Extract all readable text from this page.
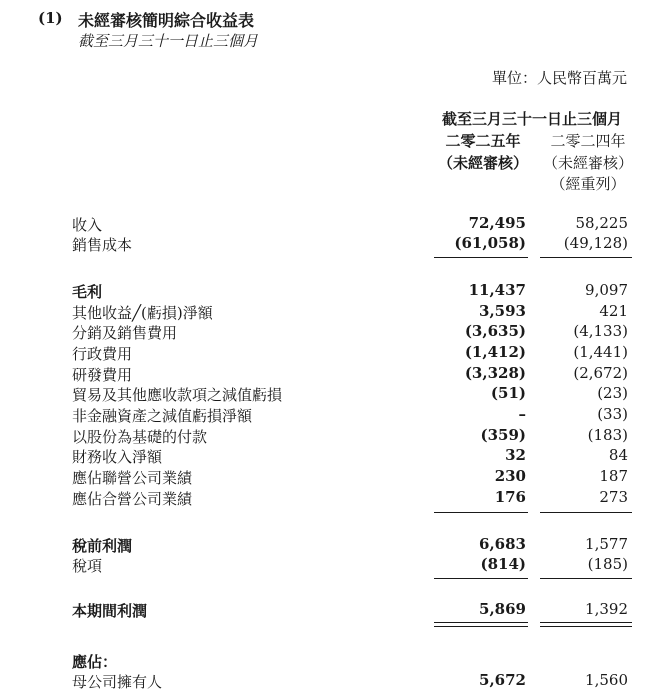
(1) 未經審核簡明綜合收益表
截至三月三十一日止三個月
單位：人民幣百萬元
截至三月三十一日止三個月
二零二五年
（未經審核）
二零二四年
（未經審核）
（經重列）
收入	72,495	58,225
銷售成本	(61,058)	(49,128)
毛利	11,437	9,097
其他收益╱(虧損)淨額	3,593	421
分銷及銷售費用	(3,635)	(4,133)
行政費用	(1,412)	(1,441)
研發費用	(3,328)	(2,672)
貿易及其他應收款項之減值虧損	(51)	(23)
非金融資產之減值虧損淨額	–	(33)
以股份為基礎的付款	(359)	(183)
財務收入淨額	32	84
應佔聯營公司業績	230	187
應佔合營公司業績	176	273
稅前利潤	6,683	1,577
稅項	(814)	(185)
本期間利潤	5,869	1,392
應佔：
母公司擁有人	5,672	1,560
